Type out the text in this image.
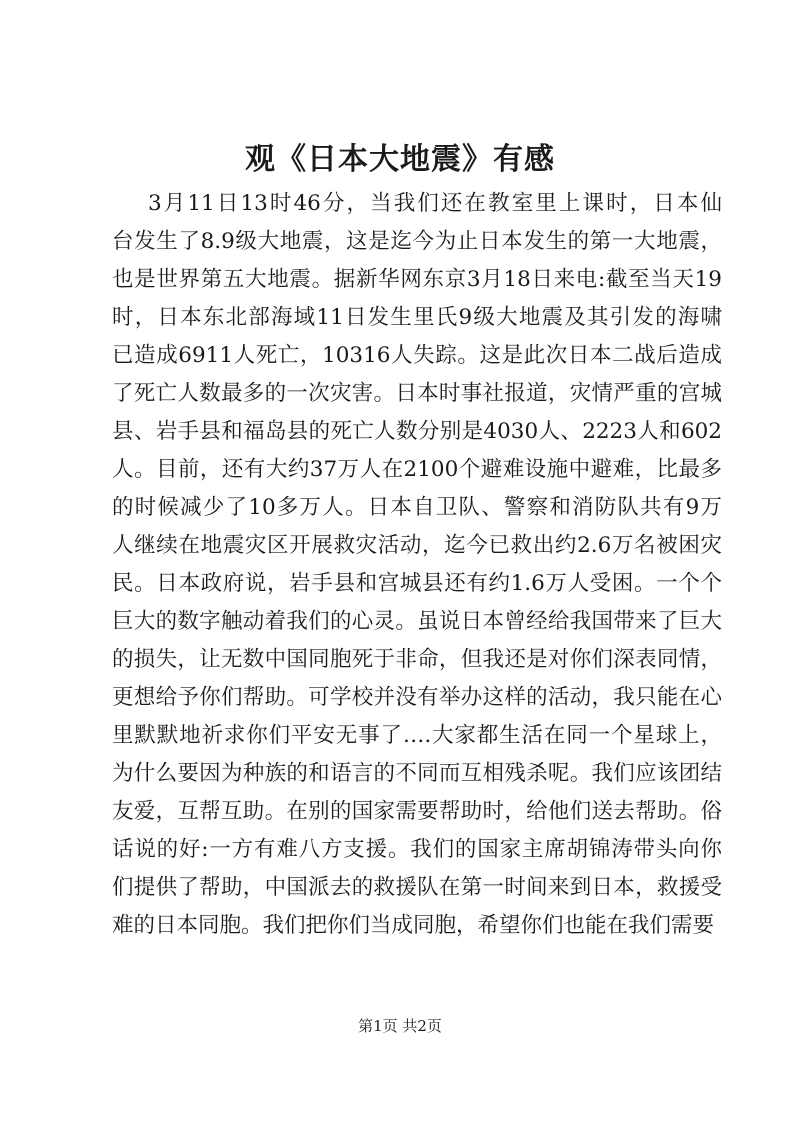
观《日本大地震》有感
3月11日13时46分，当我们还在教室里上课时，日本仙
台发生了8.9级大地震，这是迄今为止日本发生的第一大地震，
也是世界第五大地震。据新华网东京3月18日来电:截至当天19
时，日本东北部海域11日发生里氏9级大地震及其引发的海啸
已造成6911人死亡，10316人失踪。这是此次日本二战后造成
了死亡人数最多的一次灾害。日本时事社报道，灾情严重的宫城
县、岩手县和福岛县的死亡人数分别是4030人、2223人和602
人。目前，还有大约37万人在2100个避难设施中避难，比最多
的时候减少了10多万人。日本自卫队、警察和消防队共有9万
人继续在地震灾区开展救灾活动，迄今已救出约2.6万名被困灾
民。日本政府说，岩手县和宫城县还有约1.6万人受困。一个个
巨大的数字触动着我们的心灵。虽说日本曾经给我国带来了巨大
的损失，让无数中国同胞死于非命，但我还是对你们深表同情，
更想给予你们帮助。可学校并没有举办这样的活动，我只能在心
里默默地祈求你们平安无事了….大家都生活在同一个星球上，
为什么要因为种族的和语言的不同而互相残杀呢。我们应该团结
友爱，互帮互助。在别的国家需要帮助时，给他们送去帮助。俗
话说的好:一方有难八方支援。我们的国家主席胡锦涛带头向你
们提供了帮助，中国派去的救援队在第一时间来到日本，救援受
难的日本同胞。我们把你们当成同胞，希望你们也能在我们需要
第1页 共2页
